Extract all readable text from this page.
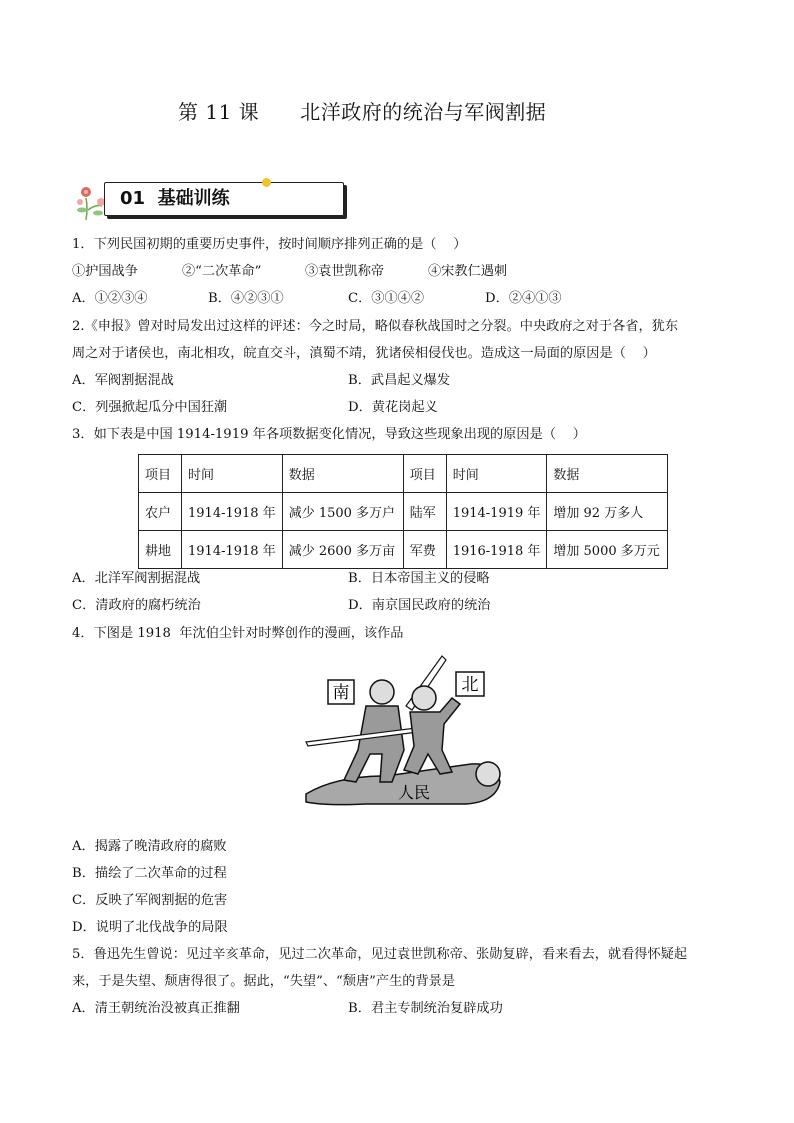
第 11 课      北洋政府的统治与军阀割据
01  基础训练
1．下列民国初期的重要历史事件，按时间顺序排列正确的是（    ）
①护国战争	②“二次革命”	③袁世凯称帝	④宋教仁遇刺
A．①②③④	B．④②③①	C．③①④②	D．②④①③
2.《申报》曾对时局发出过这样的评述：今之时局，略似春秋战国时之分裂。中央政府之对于各省，犹东
周之对于诸侯也，南北相攻，皖直交斗，滇蜀不靖，犹诸侯相侵伐也。造成这一局面的原因是（    ）
A．军阀割据混战	B．武昌起义爆发
C．列强掀起瓜分中国狂潮	D．黄花岗起义
3．如下表是中国 1914-1919 年各项数据变化情况，导致这些现象出现的原因是（    ）
项目	时间	数据	项目	时间	数据
农户	1914-1918 年	减少 1500 多万户	陆军	1914-1919 年	增加 92 万多人
耕地	1914-1918 年	减少 2600 多万亩	军费	1916-1918 年	增加 5000 多万元
A．北洋军阀割据混战	B．日本帝国主义的侵略
C．清政府的腐朽统治	D．南京国民政府的统治
4．下图是 1918  年沈伯尘针对时弊创作的漫画，该作品
南	北
人民
A．揭露了晚清政府的腐败
B．描绘了二次革命的过程
C．反映了军阀割据的危害
D．说明了北伐战争的局限
5．鲁迅先生曾说：见过辛亥革命，见过二次革命，见过袁世凯称帝、张勋复辟，看来看去，就看得怀疑起
来，于是失望、颓唐得很了。据此，“失望”、“颓唐”产生的背景是
A．清王朝统治没被真正推翻	B．君主专制统治复辟成功
